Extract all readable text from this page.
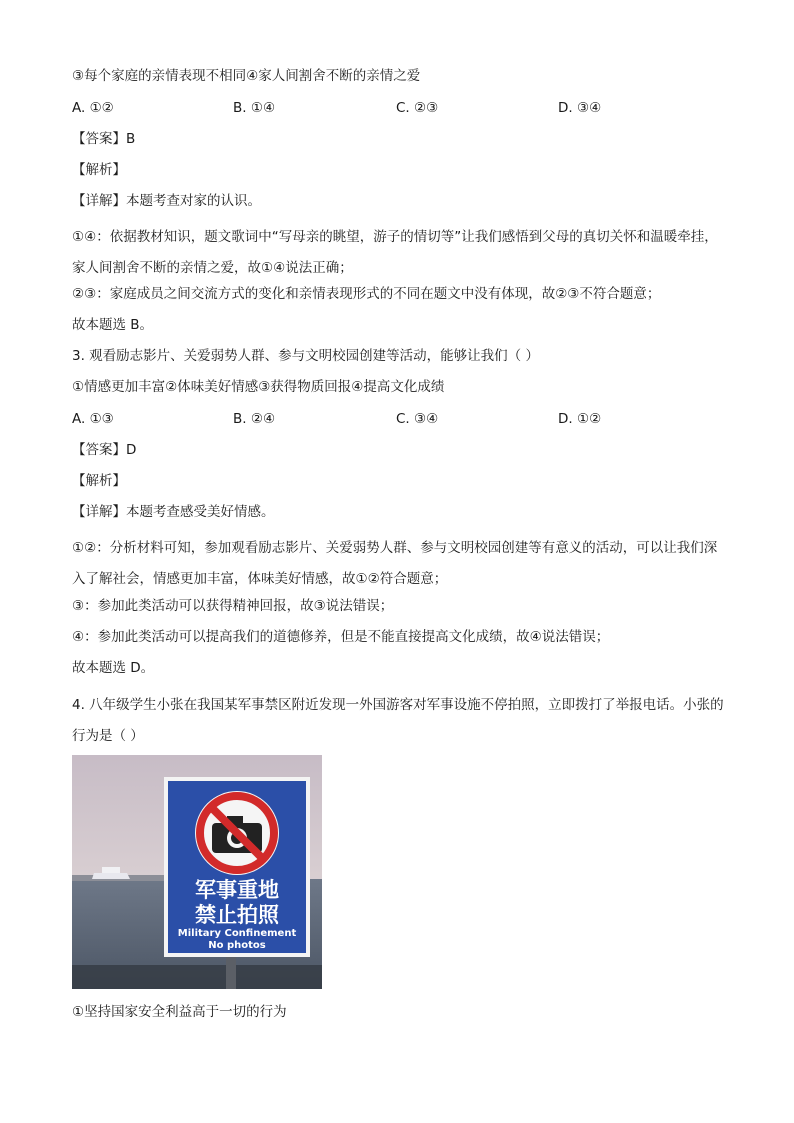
③每个家庭的亲情表现不相同④家人间割舍不断的亲情之爱
A. ①②	B. ①④	C. ②③	D. ③④
【答案】B
【解析】
【详解】本题考查对家的认识。
①④：依据教材知识，题文歌词中“写母亲的眺望，游子的情切等”让我们感悟到父母的真切关怀和温暖牵挂，家人间割舍不断的亲情之爱，故①④说法正确；
②③：家庭成员之间交流方式的变化和亲情表现形式的不同在题文中没有体现，故②③不符合题意；
故本题选 B。
3. 观看励志影片、关爱弱势人群、参与文明校园创建等活动，能够让我们（ ）
①情感更加丰富②体味美好情感③获得物质回报④提高文化成绩
A. ①③	B. ②④	C. ③④	D. ①②
【答案】D
【解析】
【详解】本题考查感受美好情感。
①②：分析材料可知，参加观看励志影片、关爱弱势人群、参与文明校园创建等有意义的活动，可以让我们深入了解社会，情感更加丰富，体味美好情感，故①②符合题意；
③：参加此类活动可以获得精神回报，故③说法错误；
④：参加此类活动可以提高我们的道德修养，但是不能直接提高文化成绩，故④说法错误；
故本题选 D。
4. 八年级学生小张在我国某军事禁区附近发现一外国游客对军事设施不停拍照，立即拨打了举报电话。小张的行为是（ ）
军事重地
禁止拍照
Military Confinement
No photos
①坚持国家安全利益高于一切的行为
